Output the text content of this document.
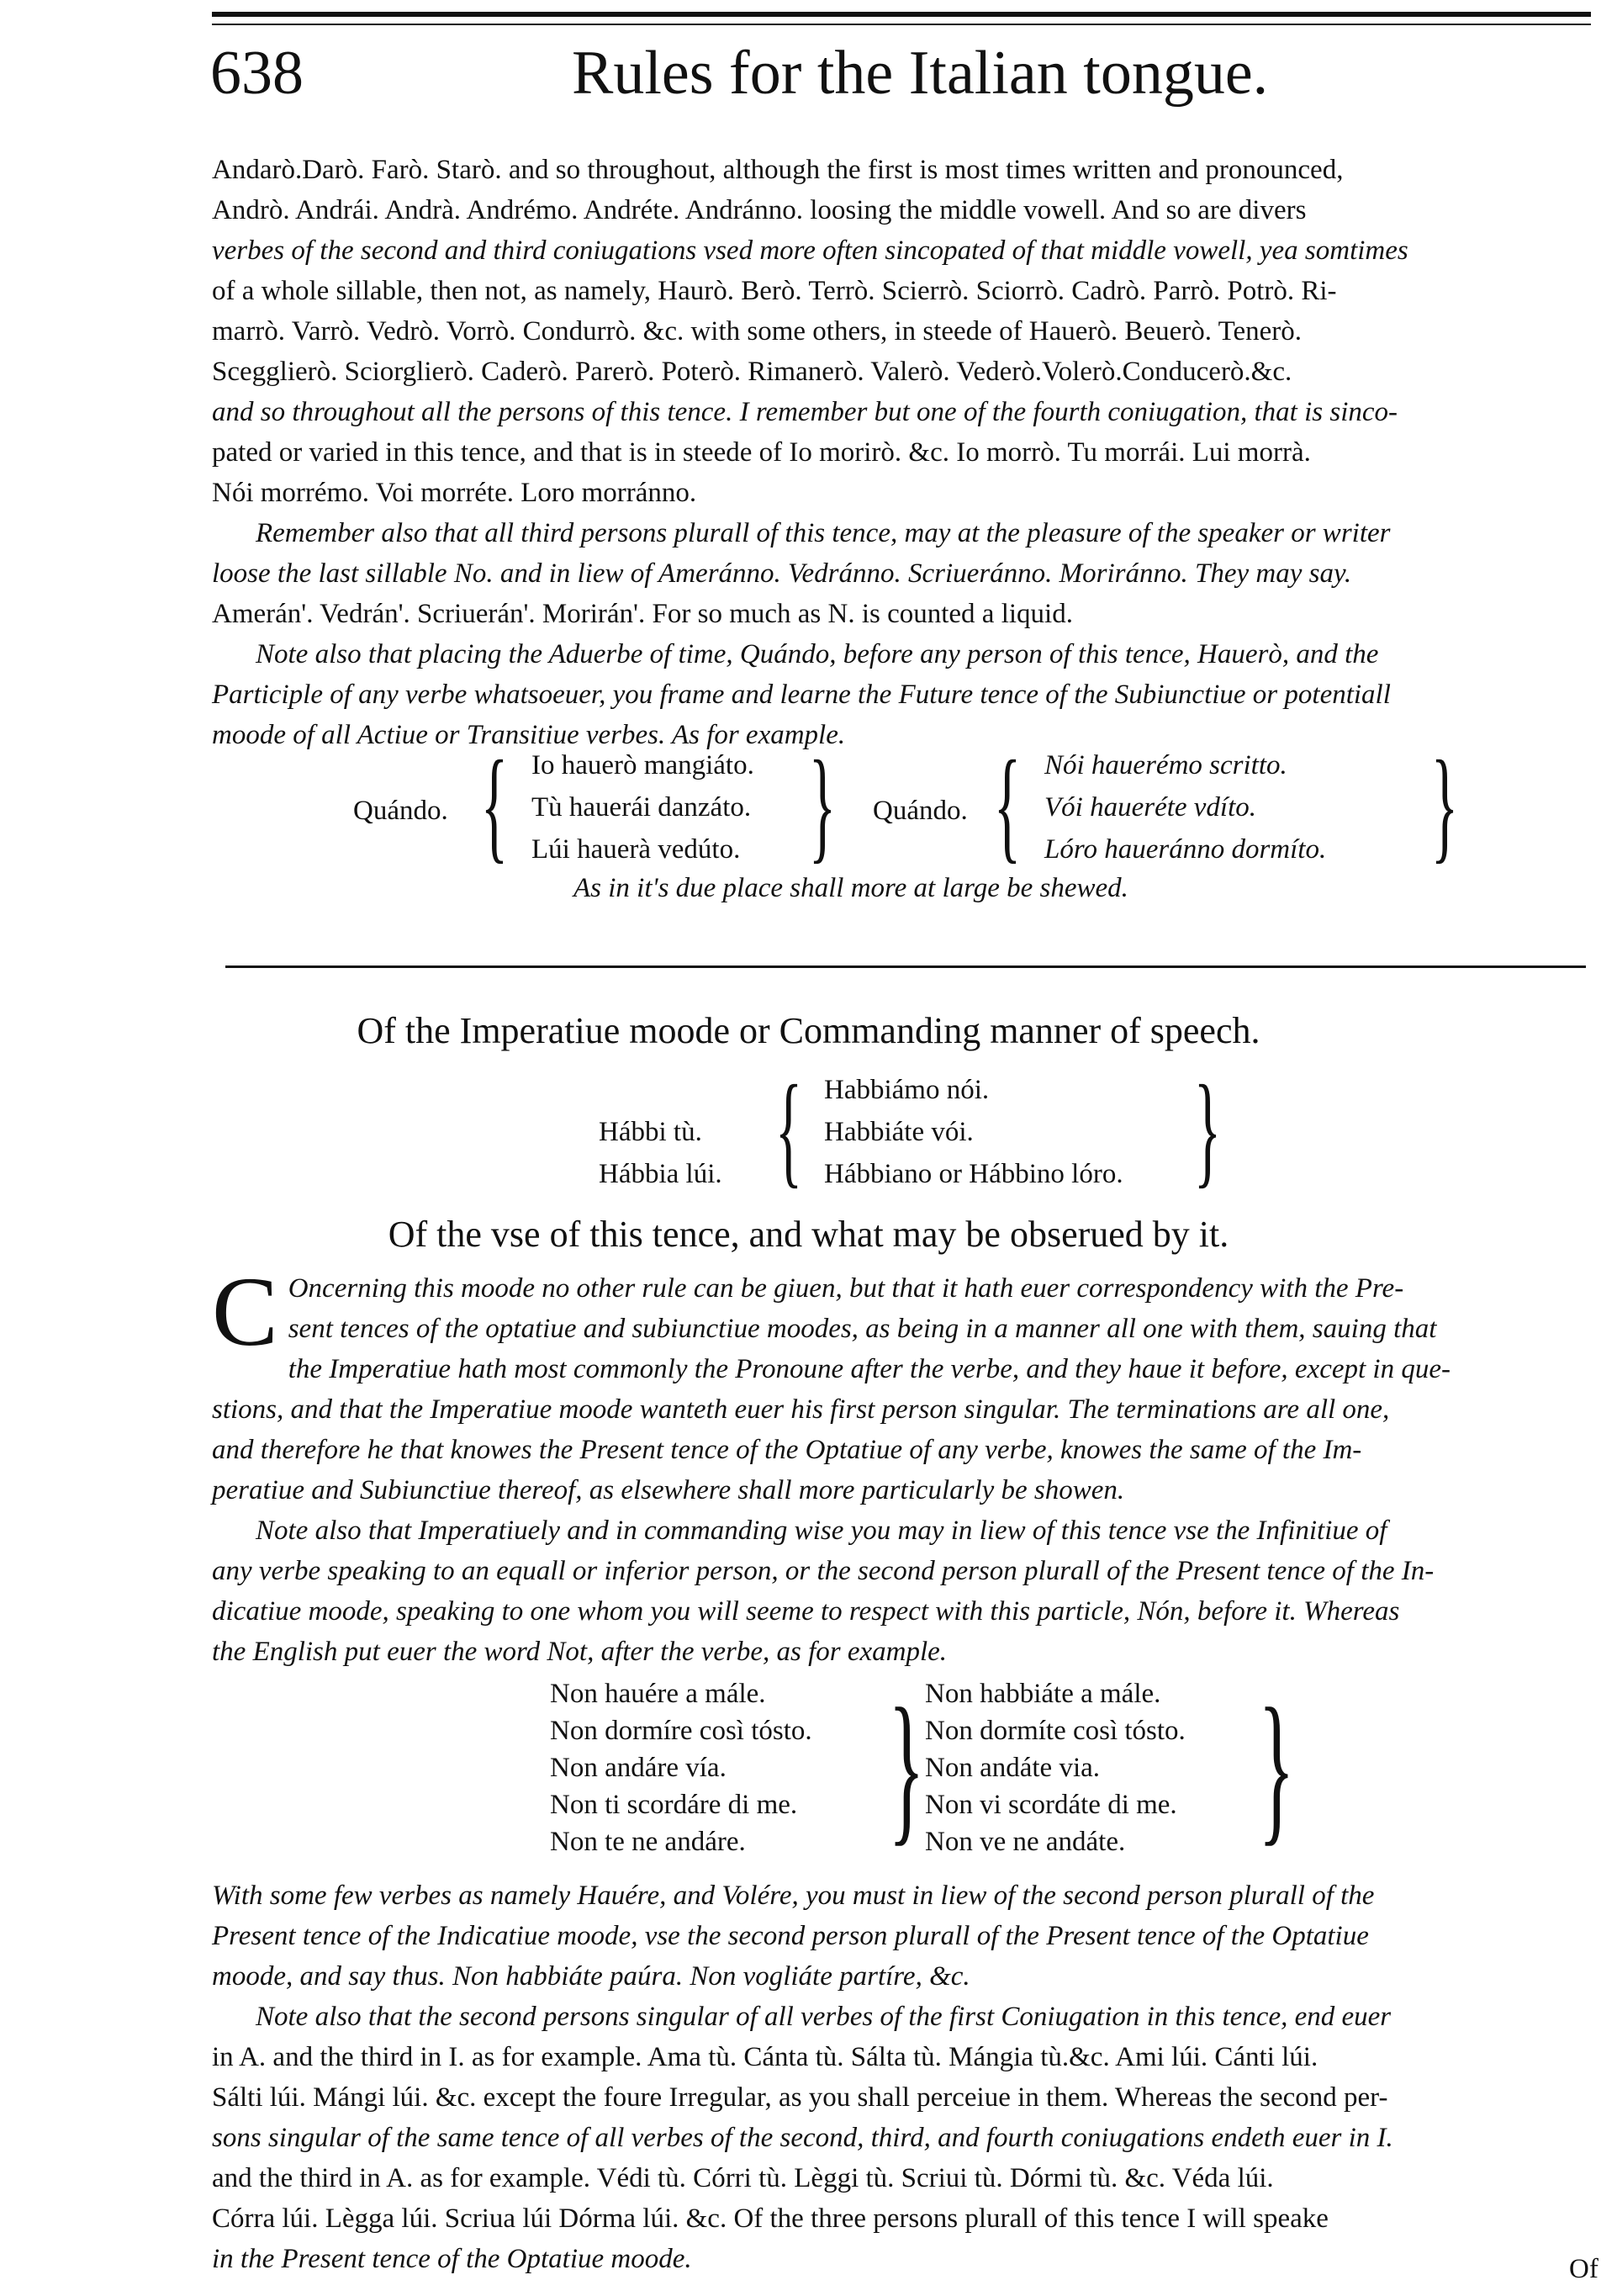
638	Rules for the Italian tongue.
Andarò.Darò. Farò. Starò. and so throughout, although the first is most times written and pronounced,
Andrò. Andrái. Andrà. Andrémo. Andréte. Andránno. loosing the middle vowell. And so are divers
verbes of the second and third coniugations vsed more often sincopated of that middle vowell, yea somtimes
of a whole sillable, then not, as namely, Haurò. Berò. Terrò. Scierrò. Sciorrò. Cadrò. Parrò. Potrò. Ri-
marrò. Varrò. Vedrò. Vorrò. Condurrò. &c. with some others, in steede of Hauerò. Beuerò. Tenerò.
Scegglierò. Sciorglierò. Caderò. Parerò. Poterò. Rimanerò. Valerò. Vederò.Volerò.Conducerò.&c.
and so throughout all the persons of this tence. I remember but one of the fourth coniugation, that is sinco-
pated or varied in this tence, and that is in steede of Io morirò. &c. Io morrò. Tu morrái. Lui morrà.
Nói morrémo. Voi morréte. Loro morránno.
Remember also that all third persons plurall of this tence, may at the pleasure of the speaker or writer
loose the last sillable No. and in liew of Ameránno. Vedránno. Scriueránno. Moriránno. They may say.
Amerán'. Vedrán'. Scriuerán'. Morirán'. For so much as N. is counted a liquid.
Note also that placing the Aduerbe of time, Quándo, before any person of this tence, Hauerò, and the
Participle of any verbe whatsoeuer, you frame and learne the Future tence of the Subiunctiue or potentiall
moode of all Actiue or Transitiue verbes. As for example.
Quándo. { Io hauerò mangiáto.
Tù hauerái danzáto.
Lúi hauerà vedúto. } Quándo. { Nói hauerémo scritto.
Vói haueréte vdíto.
Lóro haueránno dormíto. }
As in it's due place shall more at large be shewed.
Of the Imperatiue moode or Commanding manner of speech.
Hábbi tù.
Hábbia lúi. { Habbiámo nói.
Habbiáte vói.
Hábbiano or Hábbino lóro. }
Of the vse of this tence, and what may be obserued by it.
C Oncerning this moode no other rule can be giuen, but that it hath euer correspondency with the Pre-
sent tences of the optatiue and subiunctiue moodes, as being in a manner all one with them, sauing that
the Imperatiue hath most commonly the Pronoune after the verbe, and they haue it before, except in que-
stions, and that the Imperatiue moode wanteth euer his first person singular. The terminations are all one,
and therefore he that knowes the Present tence of the Optatiue of any verbe, knowes the same of the Im-
peratiue and Subiunctiue thereof, as elsewhere shall more particularly be showen.
Note also that Imperatiuely and in commanding wise you may in liew of this tence vse the Infinitiue of
any verbe speaking to an equall or inferior person, or the second person plurall of the Present tence of the In-
dicatiue moode, speaking to one whom you will seeme to respect with this particle, Nón, before it. Whereas
the English put euer the word Not, after the verbe, as for example.
Non hauére a mále.
Non dormíre così tósto.
Non andáre vía.
Non ti scordáre di me.
Non te ne andáre. } Non habbiáte a mále.
Non dormíte così tósto.
Non andáte via.
Non vi scordáte di me.
Non ve ne andáte. }
With some few verbes as namely Hauére, and Volére, you must in liew of the second person plurall of the
Present tence of the Indicatiue moode, vse the second person plurall of the Present tence of the Optatiue
moode, and say thus. Non habbiáte paúra. Non vogliáte partíre, &c.
Note also that the second persons singular of all verbes of the first Coniugation in this tence, end euer
in A. and the third in I. as for example. Ama tù. Cánta tù. Sálta tù. Mángia tù.&c. Ami lúi. Cánti lúi.
Sálti lúi. Mángi lúi. &c. except the foure Irregular, as you shall perceiue in them. Whereas the second per-
sons singular of the same tence of all verbes of the second, third, and fourth coniugations endeth euer in I.
and the third in A. as for example. Védi tù. Córri tù. Lèggi tù. Scriui tù. Dórmi tù. &c. Véda lúi.
Córra lúi. Lègga lúi. Scriua lúi Dórma lúi. &c. Of the three persons plurall of this tence I will speake
in the Present tence of the Optatiue moode.	Of
